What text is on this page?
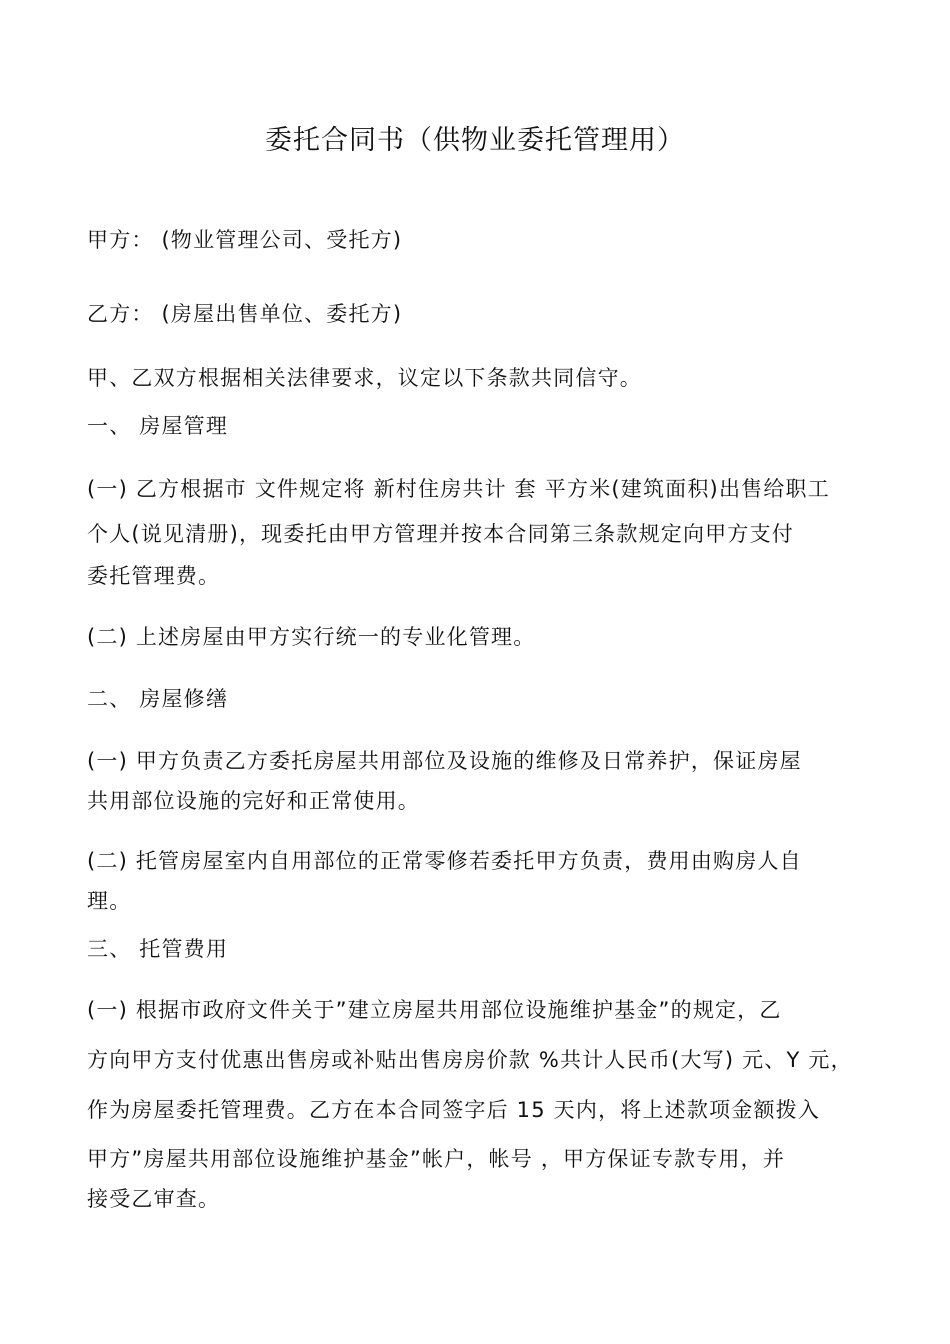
委托合同书（供物业委托管理用）
甲方： (物业管理公司、受托方)
乙方： (房屋出售单位、委托方)
甲、乙双方根据相关法律要求，议定以下条款共同信守。
一、 房屋管理
(一) 乙方根据市 文件规定将 新村住房共计 套 平方米(建筑面积)出售给职工
个人(说见清册)，现委托由甲方管理并按本合同第三条款规定向甲方支付
委托管理费。
(二) 上述房屋由甲方实行统一的专业化管理。
二、 房屋修缮
(一) 甲方负责乙方委托房屋共用部位及设施的维修及日常养护，保证房屋
共用部位设施的完好和正常使用。
(二) 托管房屋室内自用部位的正常零修若委托甲方负责，费用由购房人自
理。
三、 托管费用
(一) 根据市政府文件关于”建立房屋共用部位设施维护基金”的规定，乙
方向甲方支付优惠出售房或补贴出售房房价款 %共计人民币(大写) 元、Y 元，
作为房屋委托管理费。乙方在本合同签字后 15 天内，将上述款项金额拨入
甲方”房屋共用部位设施维护基金”帐户，帐号 ，甲方保证专款专用，并
接受乙审查。
